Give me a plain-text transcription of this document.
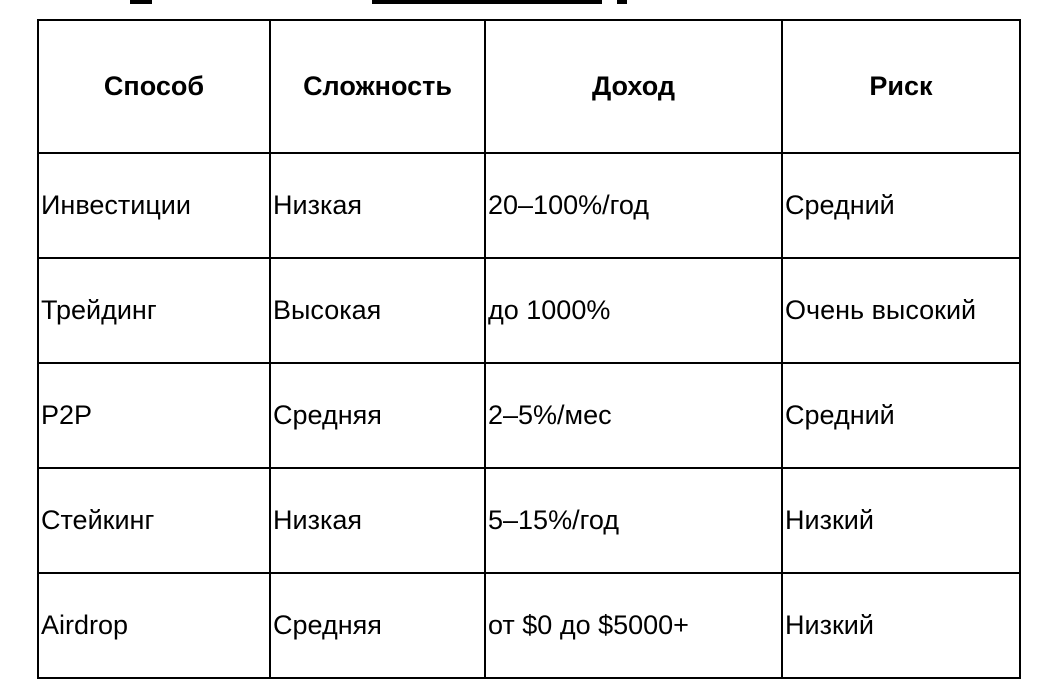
Способ	Сложность	Доход	Риск
Инвестиции	Низкая	20–100%/год	Средний
Трейдинг	Высокая	до 1000%	Очень высокий
P2P	Средняя	2–5%/мес	Средний
Стейкинг	Низкая	5–15%/год	Низкий
Airdrop	Средняя	от $0 до $5000+	Низкий
